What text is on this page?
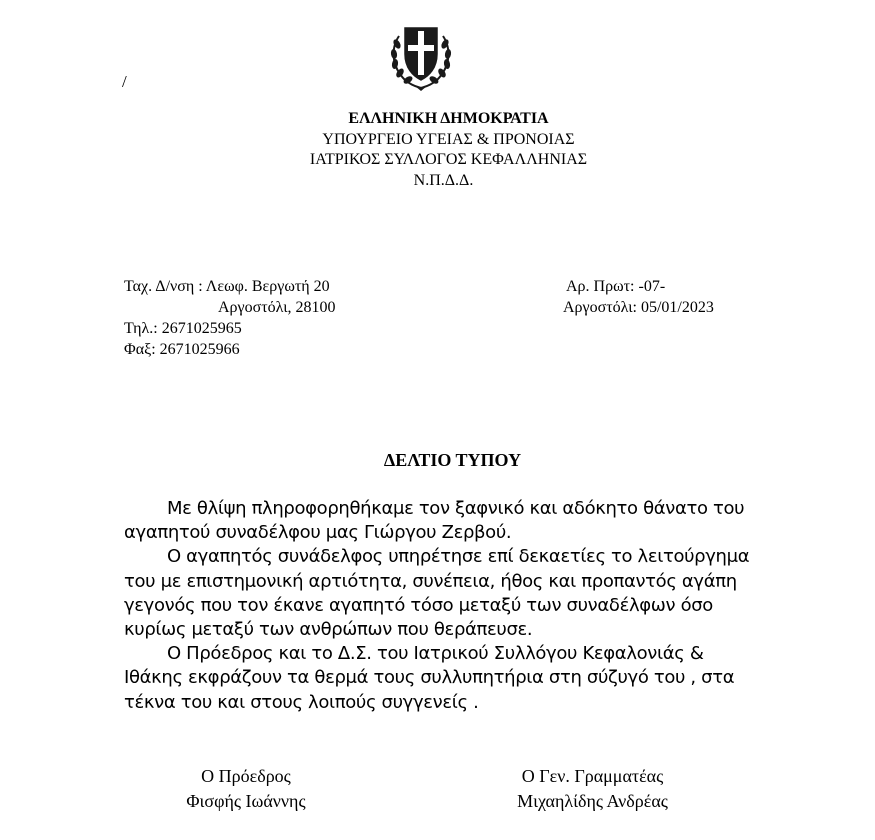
/
ΕΛΛΗΝΙΚΗ ΔΗΜΟΚΡΑΤΙΑ
ΥΠΟΥΡΓΕΙΟ ΥΓΕΙΑΣ & ΠΡΟΝΟΙΑΣ
ΙΑΤΡΙΚΟΣ ΣΥΛΛΟΓΟΣ ΚΕΦΑΛΛΗΝΙΑΣ
Ν.Π.Δ.Δ.
Ταχ. Δ/νση : Λεωφ. Βεργωτή 20
Αργοστόλι, 28100
Τηλ.: 2671025965
Φαξ: 2671025966
Αρ. Πρωτ: -07-
Αργοστόλι: 05/01/2023
ΔΕΛΤΙΟ ΤΥΠΟΥ

Με θλίψη πληροφορηθήκαμε τον ξαφνικό και αδόκητο θάνατο του

αγαπητού συναδέλφου μας Γιώργου Ζερβού.

Ο αγαπητός συνάδελφος υπηρέτησε επί δεκαετίες το λειτούργημα

του με επιστημονική αρτιότητα, συνέπεια, ήθος και προπαντός αγάπη

γεγονός που τον έκανε αγαπητό τόσο μεταξύ των συναδέλφων όσο

κυρίως μεταξύ των ανθρώπων που θεράπευσε.

Ο Πρόεδρος και το Δ.Σ. του Ιατρικού Συλλόγου Κεφαλονιάς &

Ιθάκης εκφράζουν τα θερμά τους συλλυπητήρια στη σύζυγό του , στα

τέκνα του και στους λοιπούς συγγενείς .

Ο Πρόεδρος
Φισφής Ιωάννης
Ο Γεν. Γραμματέας
Μιχαηλίδης Ανδρέας
